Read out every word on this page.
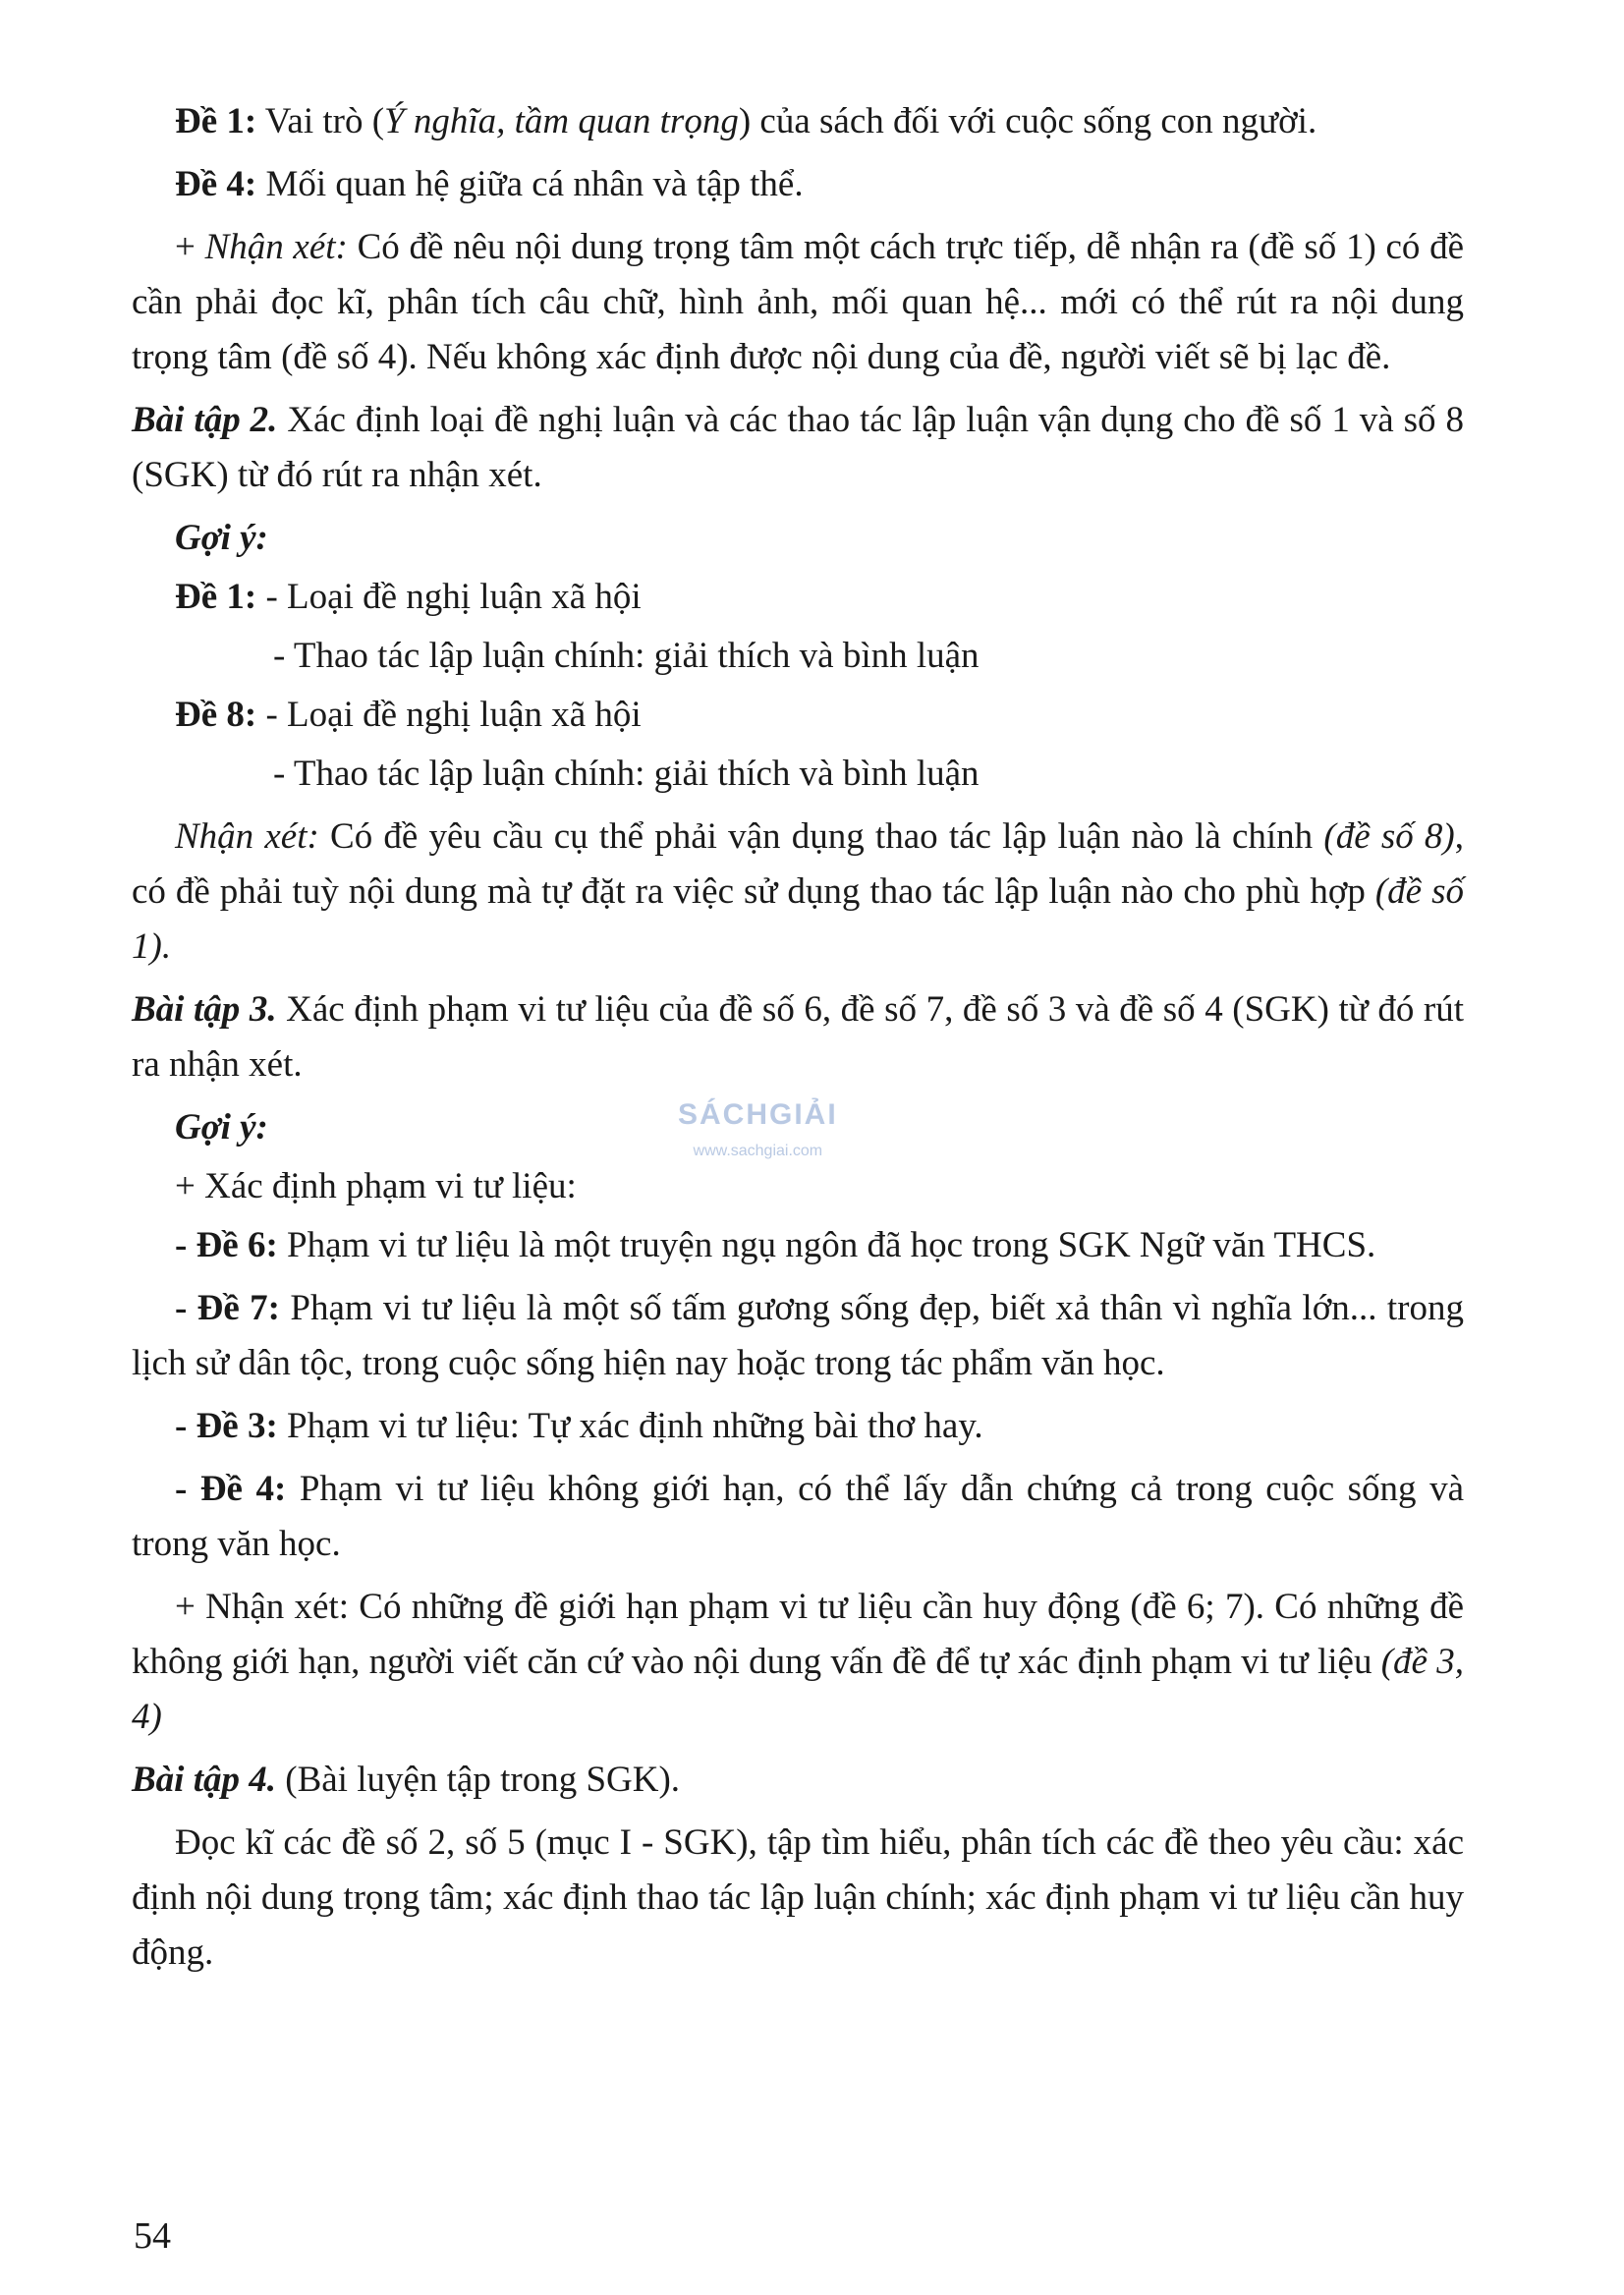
Đề 1: Vai trò (Ý nghĩa, tầm quan trọng) của sách đối với cuộc sống con người.

Đề 4: Mối quan hệ giữa cá nhân và tập thể.

+ Nhận xét: Có đề nêu nội dung trọng tâm một cách trực tiếp, dễ nhận ra (đề số 1) có đề cần phải đọc kĩ, phân tích câu chữ, hình ảnh, mối quan hệ... mới có thể rút ra nội dung trọng tâm (đề số 4). Nếu không xác định được nội dung của đề, người viết sẽ bị lạc đề.

Bài tập 2. Xác định loại đề nghị luận và các thao tác lập luận vận dụng cho đề số 1 và số 8 (SGK) từ đó rút ra nhận xét.

Gợi ý:

Đề 1: - Loại đề nghị luận xã hội

- Thao tác lập luận chính: giải thích và bình luận

Đề 8: - Loại đề nghị luận xã hội

- Thao tác lập luận chính: giải thích và bình luận

Nhận xét: Có đề yêu cầu cụ thể phải vận dụng thao tác lập luận nào là chính (đề số 8), có đề phải tuỳ nội dung mà tự đặt ra việc sử dụng thao tác lập luận nào cho phù hợp (đề số 1).

Bài tập 3. Xác định phạm vi tư liệu của đề số 6, đề số 7, đề số 3 và đề số 4 (SGK) từ đó rút ra nhận xét.

Gợi ý:

+ Xác định phạm vi tư liệu:

- Đề 6: Phạm vi tư liệu là một truyện ngụ ngôn đã học trong SGK Ngữ văn THCS.

- Đề 7: Phạm vi tư liệu là một số tấm gương sống đẹp, biết xả thân vì nghĩa lớn... trong lịch sử dân tộc, trong cuộc sống hiện nay hoặc trong tác phẩm văn học.

- Đề 3: Phạm vi tư liệu: Tự xác định những bài thơ hay.

- Đề 4: Phạm vi tư liệu không giới hạn, có thể lấy dẫn chứng cả trong cuộc sống và trong văn học.

+ Nhận xét: Có những đề giới hạn phạm vi tư liệu cần huy động (đề 6; 7). Có những đề không giới hạn, người viết căn cứ vào nội dung vấn đề để tự xác định phạm vi tư liệu (đề 3, 4)

Bài tập 4. (Bài luyện tập trong SGK).

Đọc kĩ các đề số 2, số 5 (mục I - SGK), tập tìm hiểu, phân tích các đề theo yêu cầu: xác định nội dung trọng tâm; xác định thao tác lập luận chính; xác định phạm vi tư liệu cần huy động.

SÁCHGIẢI
www.sachgiai.com
54
